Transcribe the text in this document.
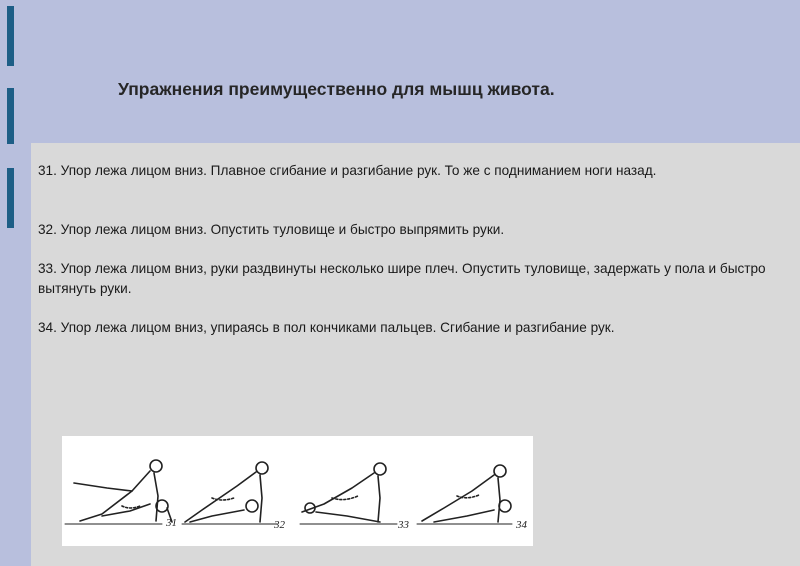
Упражнения преимущественно для мышц живота.

31. Упор лежа лицом вниз. Плавное сгибание и разгибание рук. То же с подниманием ноги назад.

32. Упор лежа лицом вниз. Опустить туловище и быстро выпрямить руки.

33. Упор лежа лицом вниз, руки раздвинуты несколько шире плеч. Опустить туловище, задержать у пола и быстро вытянуть руки.

34. Упор лежа лицом вниз, упираясь в пол кончиками пальцев. Сгибание и разгибание рук.

31	32	33	34
